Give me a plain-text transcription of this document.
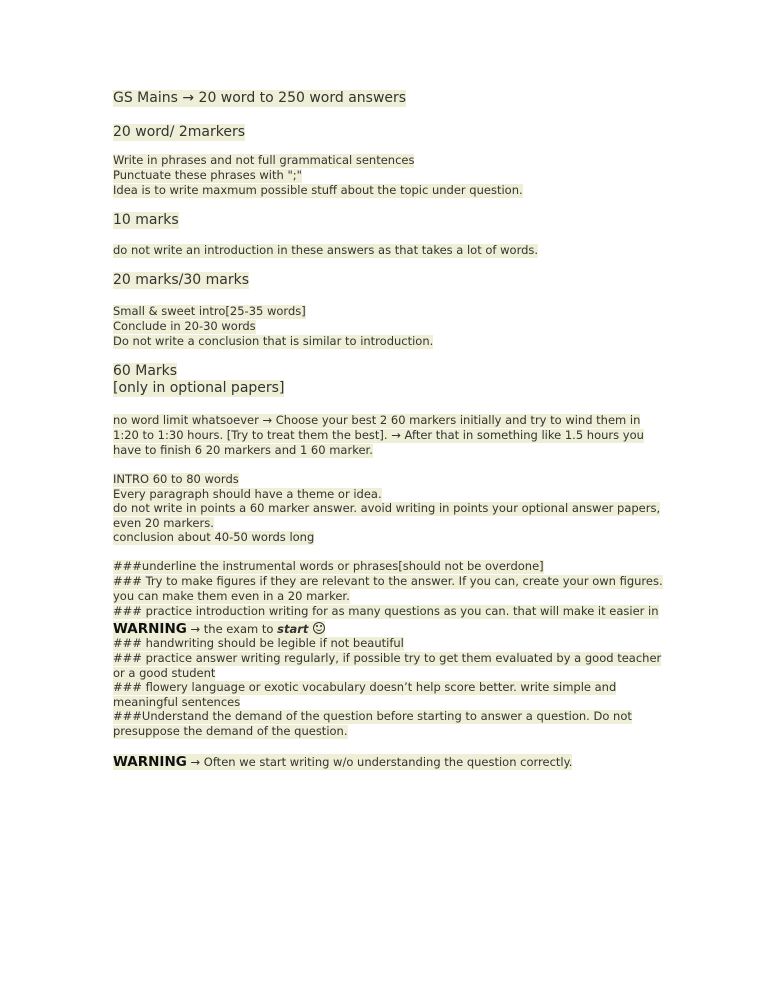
GS Mains → 20 word to 250 word answers

20 word/ 2markers

Write in phrases and not full grammatical sentences

Punctuate these phrases with ";"

Idea is to write maxmum possible stuff about the topic under question.

10 marks

do not write an introduction in these answers as that takes a lot of words.

20 marks/30 marks

Small & sweet intro[25-35 words]

Conclude in 20-30 words

Do not write a conclusion that is similar to introduction.

60 Marks

[only in optional papers]

no word limit whatsoever → Choose your best 2 60 markers initially and try to wind them in

1:20 to 1:30 hours. [Try to treat them the best]. → After that in something like 1.5 hours you

have to finish 6 20 markers and 1 60 marker.

INTRO 60 to 80 words

Every paragraph should have a theme or idea.

do not write in points a 60 marker answer. avoid writing in points your optional answer papers,

even 20 markers.

conclusion about 40-50 words long

###underline the instrumental words or phrases[should not be overdone]

### Try to make figures if they are relevant to the answer. If you can, create your own figures.

you can make them even in a 20 marker.

### practice introduction writing for as many questions as you can. that will make it easier in

WARNING → the exam to start

### handwriting should be legible if not beautiful

### practice answer writing regularly, if possible try to get them evaluated by a good teacher

or a good student

### flowery language or exotic vocabulary doesn’t help score better. write simple and

meaningful sentences

###Understand the demand of the question before starting to answer a question. Do not

presuppose the demand of the question.

WARNING → Often we start writing w/o understanding the question correctly.
